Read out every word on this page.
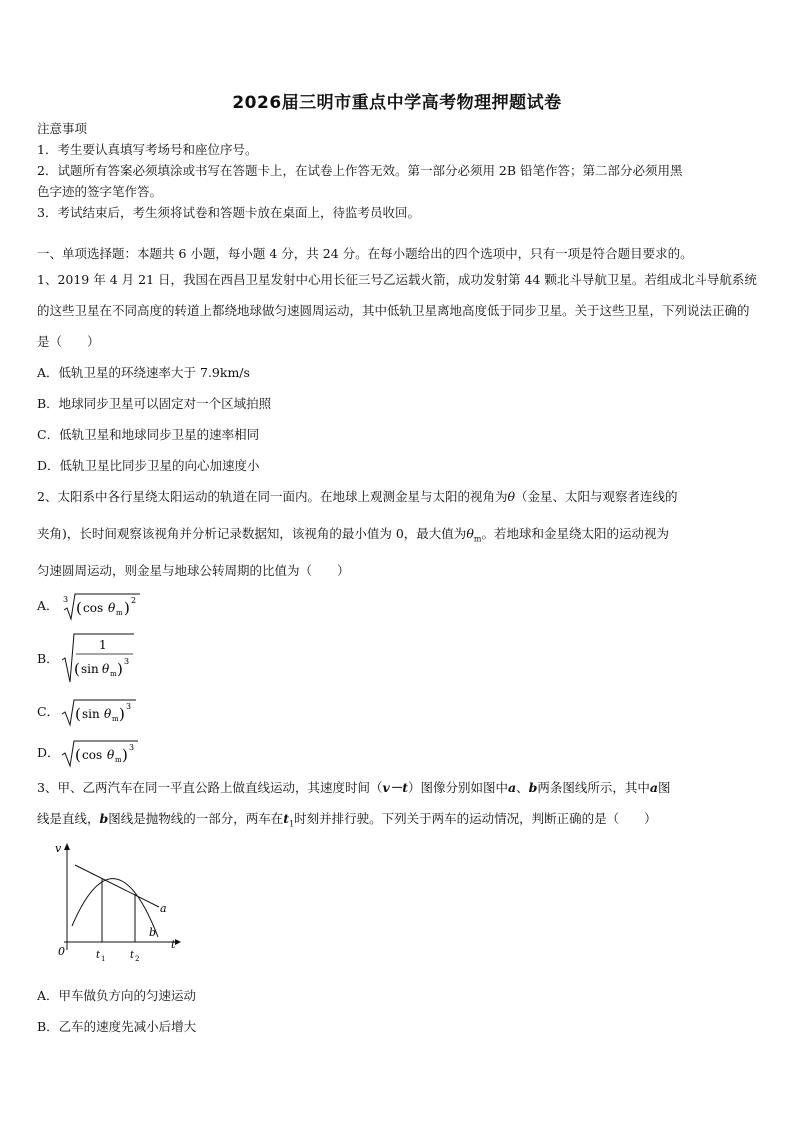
2026届三明市重点中学高考物理押题试卷
注意事项
1．考生要认真填写考场号和座位序号。
2．试题所有答案必须填涂或书写在答题卡上，在试卷上作答无效。第一部分必须用 2B 铅笔作答；第二部分必须用黑
色字迹的签字笔作答。
3．考试结束后，考生须将试卷和答题卡放在桌面上，待监考员收回。
一、单项选择题：本题共 6 小题，每小题 4 分，共 24 分。在每小题给出的四个选项中，只有一项是符合题目要求的。
1、2019 年 4 月 21 日，我国在西昌卫星发射中心用长征三号乙运载火箭，成功发射第 44 颗北斗导航卫星。若组成北斗导航系统的这些卫星在不同高度的转道上都绕地球做匀速圆周运动，其中低轨卫星离地高度低于同步卫星。关于这些卫星，下列说法正确的是（　　）
A．低轨卫星的环绕速率大于 7.9km/s
B．地球同步卫星可以固定对一个区域拍照
C．低轨卫星和地球同步卫星的速率相同
D．低轨卫星比同步卫星的向心加速度小
2、太阳系中各行星绕太阳运动的轨道在同一面内。在地球上观测金星与太阳的视角为θ（金星、太阳与观察者连线的
夹角)，长时间观察该视角并分析记录数据知，该视角的最小值为 0，最大值为$\theta_m$。若地球和金星绕太阳的运动视为
匀速圆周运动，则金星与地球公转周期的比值为（　　）
A． 3 ( cos θ m ) 2
B．
1
( sin θ m ) 3
C． ( sin θ m ) 3
D． ( cos θ m ) 3
3、甲、乙两汽车在同一平直公路上做直线运动，其速度时间（v－t）图像分别如图中a、b两条图线所示，其中a图
线是直线，b图线是抛物线的一部分，两车在$t_1$时刻并排行驶。下列关于两车的运动情况，判断正确的是（　　）
v
t
0	t 1 t 2
a
b
A．甲车做负方向的匀速运动
B．乙车的速度先减小后增大
